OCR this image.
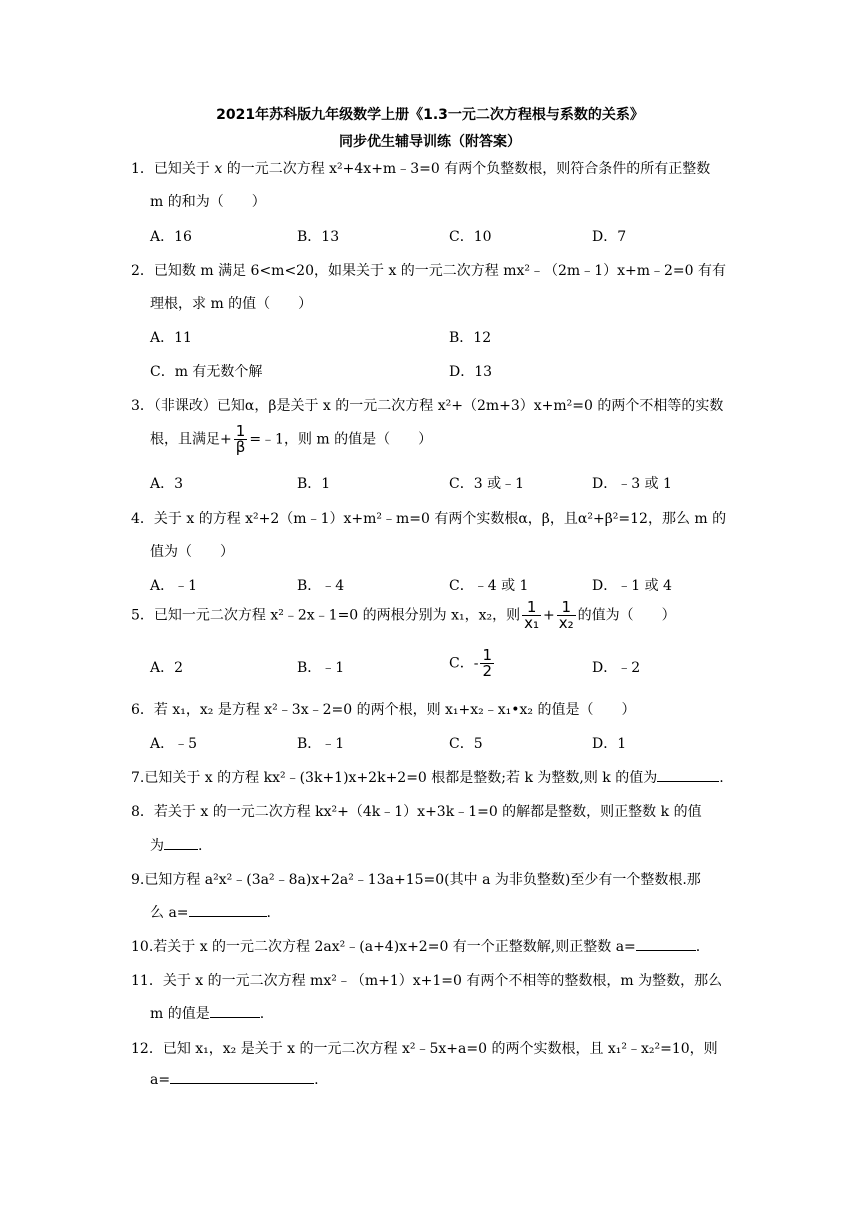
2021年苏科版九年级数学上册《1.3一元二次方程根与系数的关系》
同步优生辅导训练（附答案）
1．已知关于 x 的一元二次方程 x²+4x+m﹣3=0 有两个负整数根，则符合条件的所有正整数
m 的和为（　　）
A．16	B．13	C．10	D．7
2．已知数 m 满足 6<m<20，如果关于 x 的一元二次方程 mx²﹣（2m﹣1）x+m﹣2=0 有有
理根，求 m 的值（　　）
A．11	B．12
C．m 有无数个解	D．13
3．（非课改）已知α，β是关于 x 的一元二次方程 x²+（2m+3）x+m²=0 的两个不相等的实数
根，且满足+ $\frac{1}{\beta}$ =﹣1，则 m 的值是（　　）
A．3	B．1	C．3 或﹣1	D．﹣3 或 1
4．关于 x 的方程 x²+2（m﹣1）x+m²﹣m=0 有两个实数根α，β，且α²+β²=12，那么 m 的
值为（　　）
A．﹣1	B．﹣4	C．﹣4 或 1	D．﹣1 或 4
5．已知一元二次方程 x²﹣2x﹣1=0 的两根分别为 x₁，x₂，则 $\frac{1}{\text{x₁}} + \frac{1}{\text{x₂}}$ 的值为（　　）
A．2	B．﹣1	C．- $\frac{1}{2}$	D．﹣2
6．若 x₁，x₂ 是方程 x²﹣3x﹣2=0 的两个根，则 x₁+x₂﹣x₁•x₂ 的值是（　　）
A．﹣5	B．﹣1	C．5	D．1
7.已知关于 x 的方程 kx²﹣(3k+1)x+2k+2=0 根都是整数;若 k 为整数,则 k 的值为	.
8．若关于 x 的一元二次方程 kx²+（4k﹣1）x+3k﹣1=0 的解都是整数，则正整数 k 的值
为 .
9.已知方程 a²x²﹣(3a²﹣8a)x+2a²﹣13a+15=0(其中 a 为非负整数)至少有一个整数根.那
么 a=	.
10.若关于 x 的一元二次方程 2ax²﹣(a+4)x+2=0 有一个正整数解,则正整数 a=	.
11．关于 x 的一元二次方程 mx²﹣（m+1）x+1=0 有两个不相等的整数根，m 为整数，那么
m 的值是	.
12．已知 x₁，x₂ 是关于 x 的一元二次方程 x²﹣5x+a=0 的两个实数根，且 x₁²﹣x₂²=10，则
a=	.
